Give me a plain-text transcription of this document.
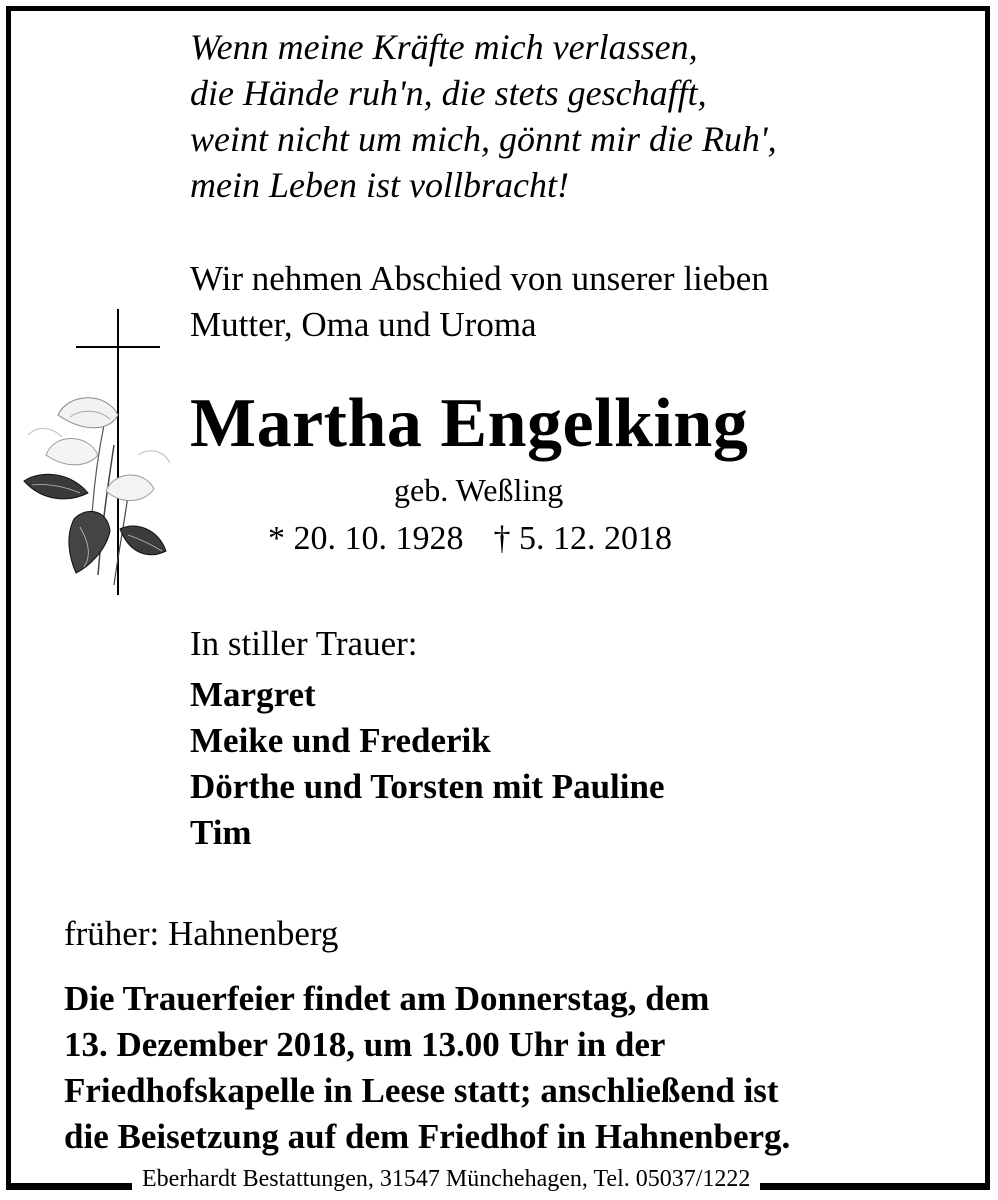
Wenn meine Kräfte mich verlassen,
die Hände ruh'n, die stets geschafft,
weint nicht um mich, gönnt mir die Ruh',
mein Leben ist vollbracht!
Wir nehmen Abschied von unserer lieben
Mutter, Oma und Uroma
Martha Engelking
geb. Weßling
* 20. 10. 1928 † 5. 12. 2018
In stiller Trauer:
Margret
Meike und Frederik
Dörthe und Torsten mit Pauline
Tim
früher: Hahnenberg
Die Trauerfeier findet am Donnerstag, dem
13. Dezember 2018, um 13.00 Uhr in der
Friedhofskapelle in Leese statt; anschließend ist
die Beisetzung auf dem Friedhof in Hahnenberg.
Eberhardt Bestattungen, 31547 Münchehagen, Tel. 05037/1222
